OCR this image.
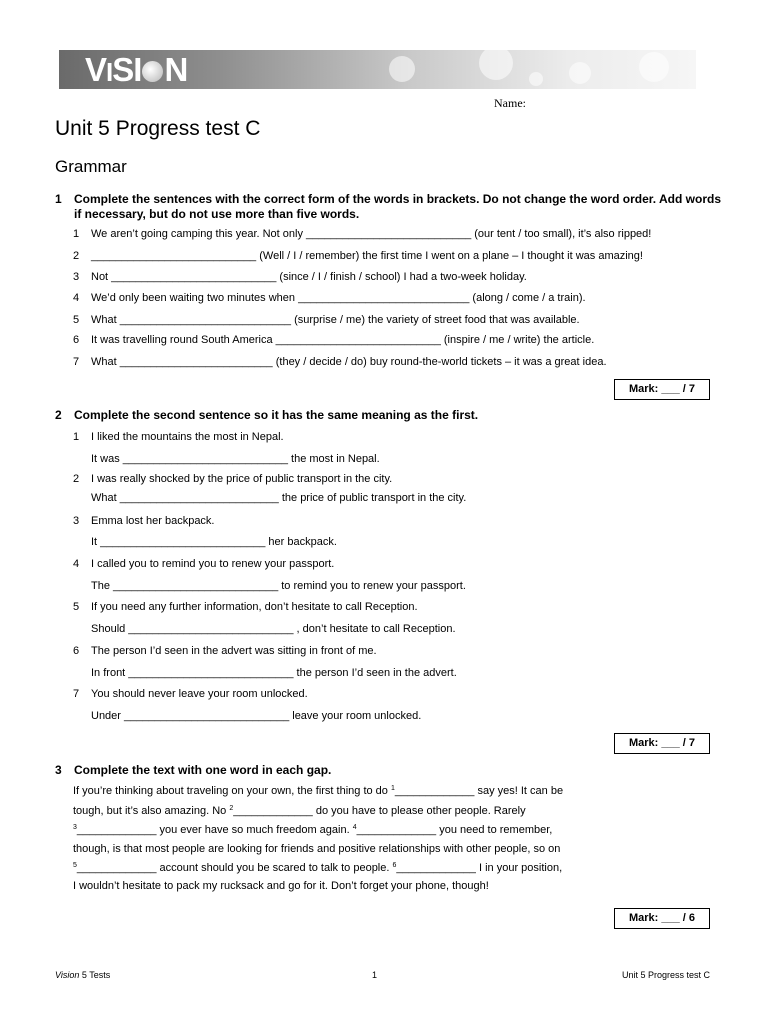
VISI N
Name:
Unit 5 Progress test C
Grammar
1 Complete the sentences with the correct form of the words in brackets. Do not change the word order. Add words if necessary, but do not use more than five words.
1 We aren’t going camping this year. Not only ___________________________ (our tent / too small), it’s also ripped!
2 ___________________________ (Well / I / remember) the first time I went on a plane – I thought it was amazing!
3 Not ___________________________ (since / I / finish / school) I had a two-week holiday.
4 We’d only been waiting two minutes when ____________________________ (along / come / a train).
5 What ____________________________ (surprise / me) the variety of street food that was available.
6 It was travelling round South America ___________________________ (inspire / me / write) the article.
7 What _________________________ (they / decide / do) buy round-the-world tickets – it was a great idea.
Mark: ___ / 7
2 Complete the second sentence so it has the same meaning as the first.
1 I liked the mountains the most in Nepal.
It was ___________________________ the most in Nepal.
2 I was really shocked by the price of public transport in the city.
What __________________________ the price of public transport in the city.
3 Emma lost her backpack.
It ___________________________ her backpack.
4 I called you to remind you to renew your passport.
The ___________________________ to remind you to renew your passport.
5 If you need any further information, don’t hesitate to call Reception.
Should ___________________________ , don’t hesitate to call Reception.
6 The person I’d seen in the advert was sitting in front of me.
In front ___________________________ the person I’d seen in the advert.
7 You should never leave your room unlocked.
Under ___________________________ leave your room unlocked.
Mark: ___ / 7
3 Complete the text with one word in each gap.
If you’re thinking about traveling on your own, the first thing to do $^1$_____________ say yes! It can be
tough, but it’s also amazing. No $^2$_____________ do you have to please other people. Rarely
$^3$_____________ you ever have so much freedom again. $^4$_____________ you need to remember,
though, is that most people are looking for friends and positive relationships with other people, so on
$^5$_____________ account should you be scared to talk to people. $^6$_____________ I in your position,
I wouldn’t hesitate to pack my rucksack and go for it. Don’t forget your phone, though!
Mark: ___ / 6
Vision 5 Tests	1	Unit 5 Progress test C
